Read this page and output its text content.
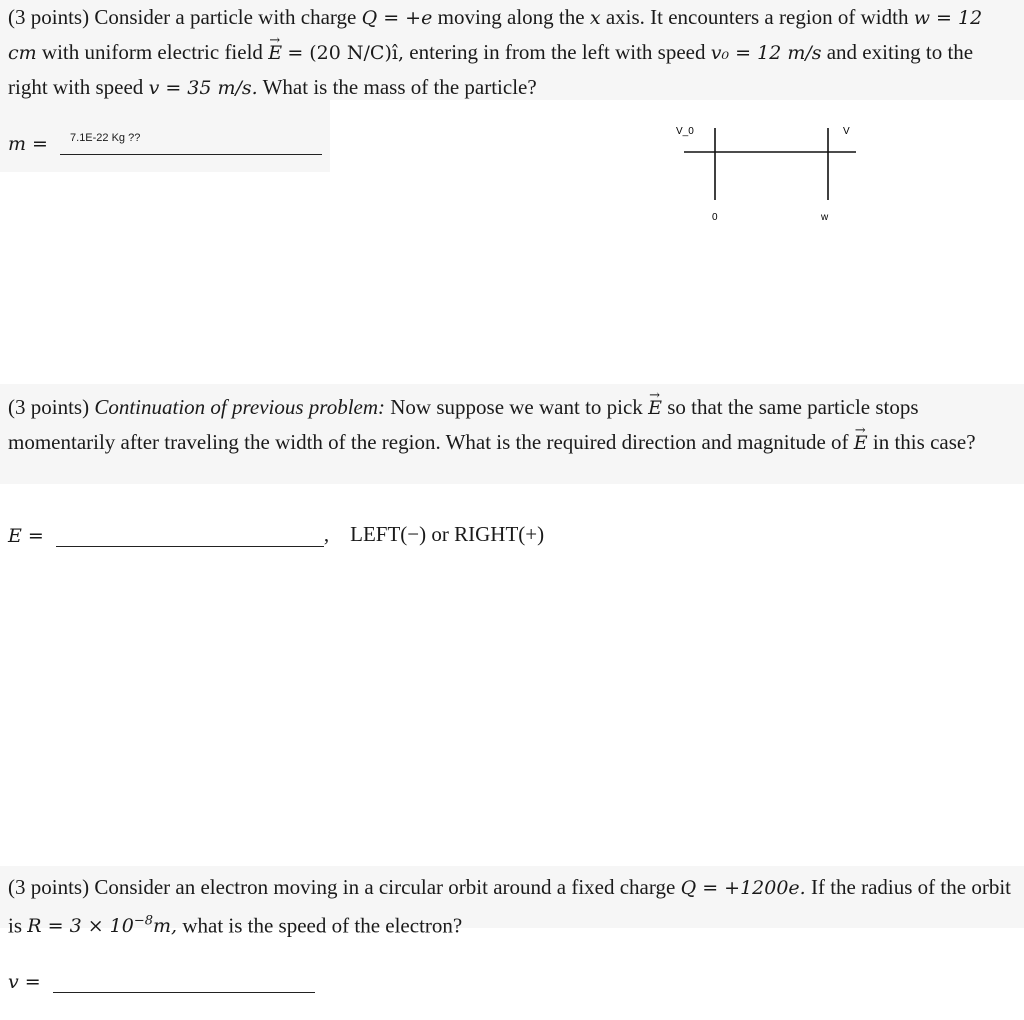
(3 points) Consider a particle with charge Q = +e moving along the x axis. It encounters a region of width w = 12 cm with uniform electric field → E = (20 N/C)î, entering in from the left with speed v₀ = 12 m/s and exiting to the right with speed v = 35 m/s. What is the mass of the particle?
m = 7.1E-22 Kg ??
V_0	V
0	w
(3 points) Continuation of previous problem: Now suppose we want to pick → E so that the same particle stops momentarily after traveling the width of the region. What is the required direction and magnitude of → E in this case?
E =	,    LEFT(−) or RIGHT(+)
(3 points) Consider an electron moving in a circular orbit around a fixed charge Q = +1200e. If the radius of the orbit is $R = 3 \times 10^{-8}m$, what is the speed of the electron?
v =
